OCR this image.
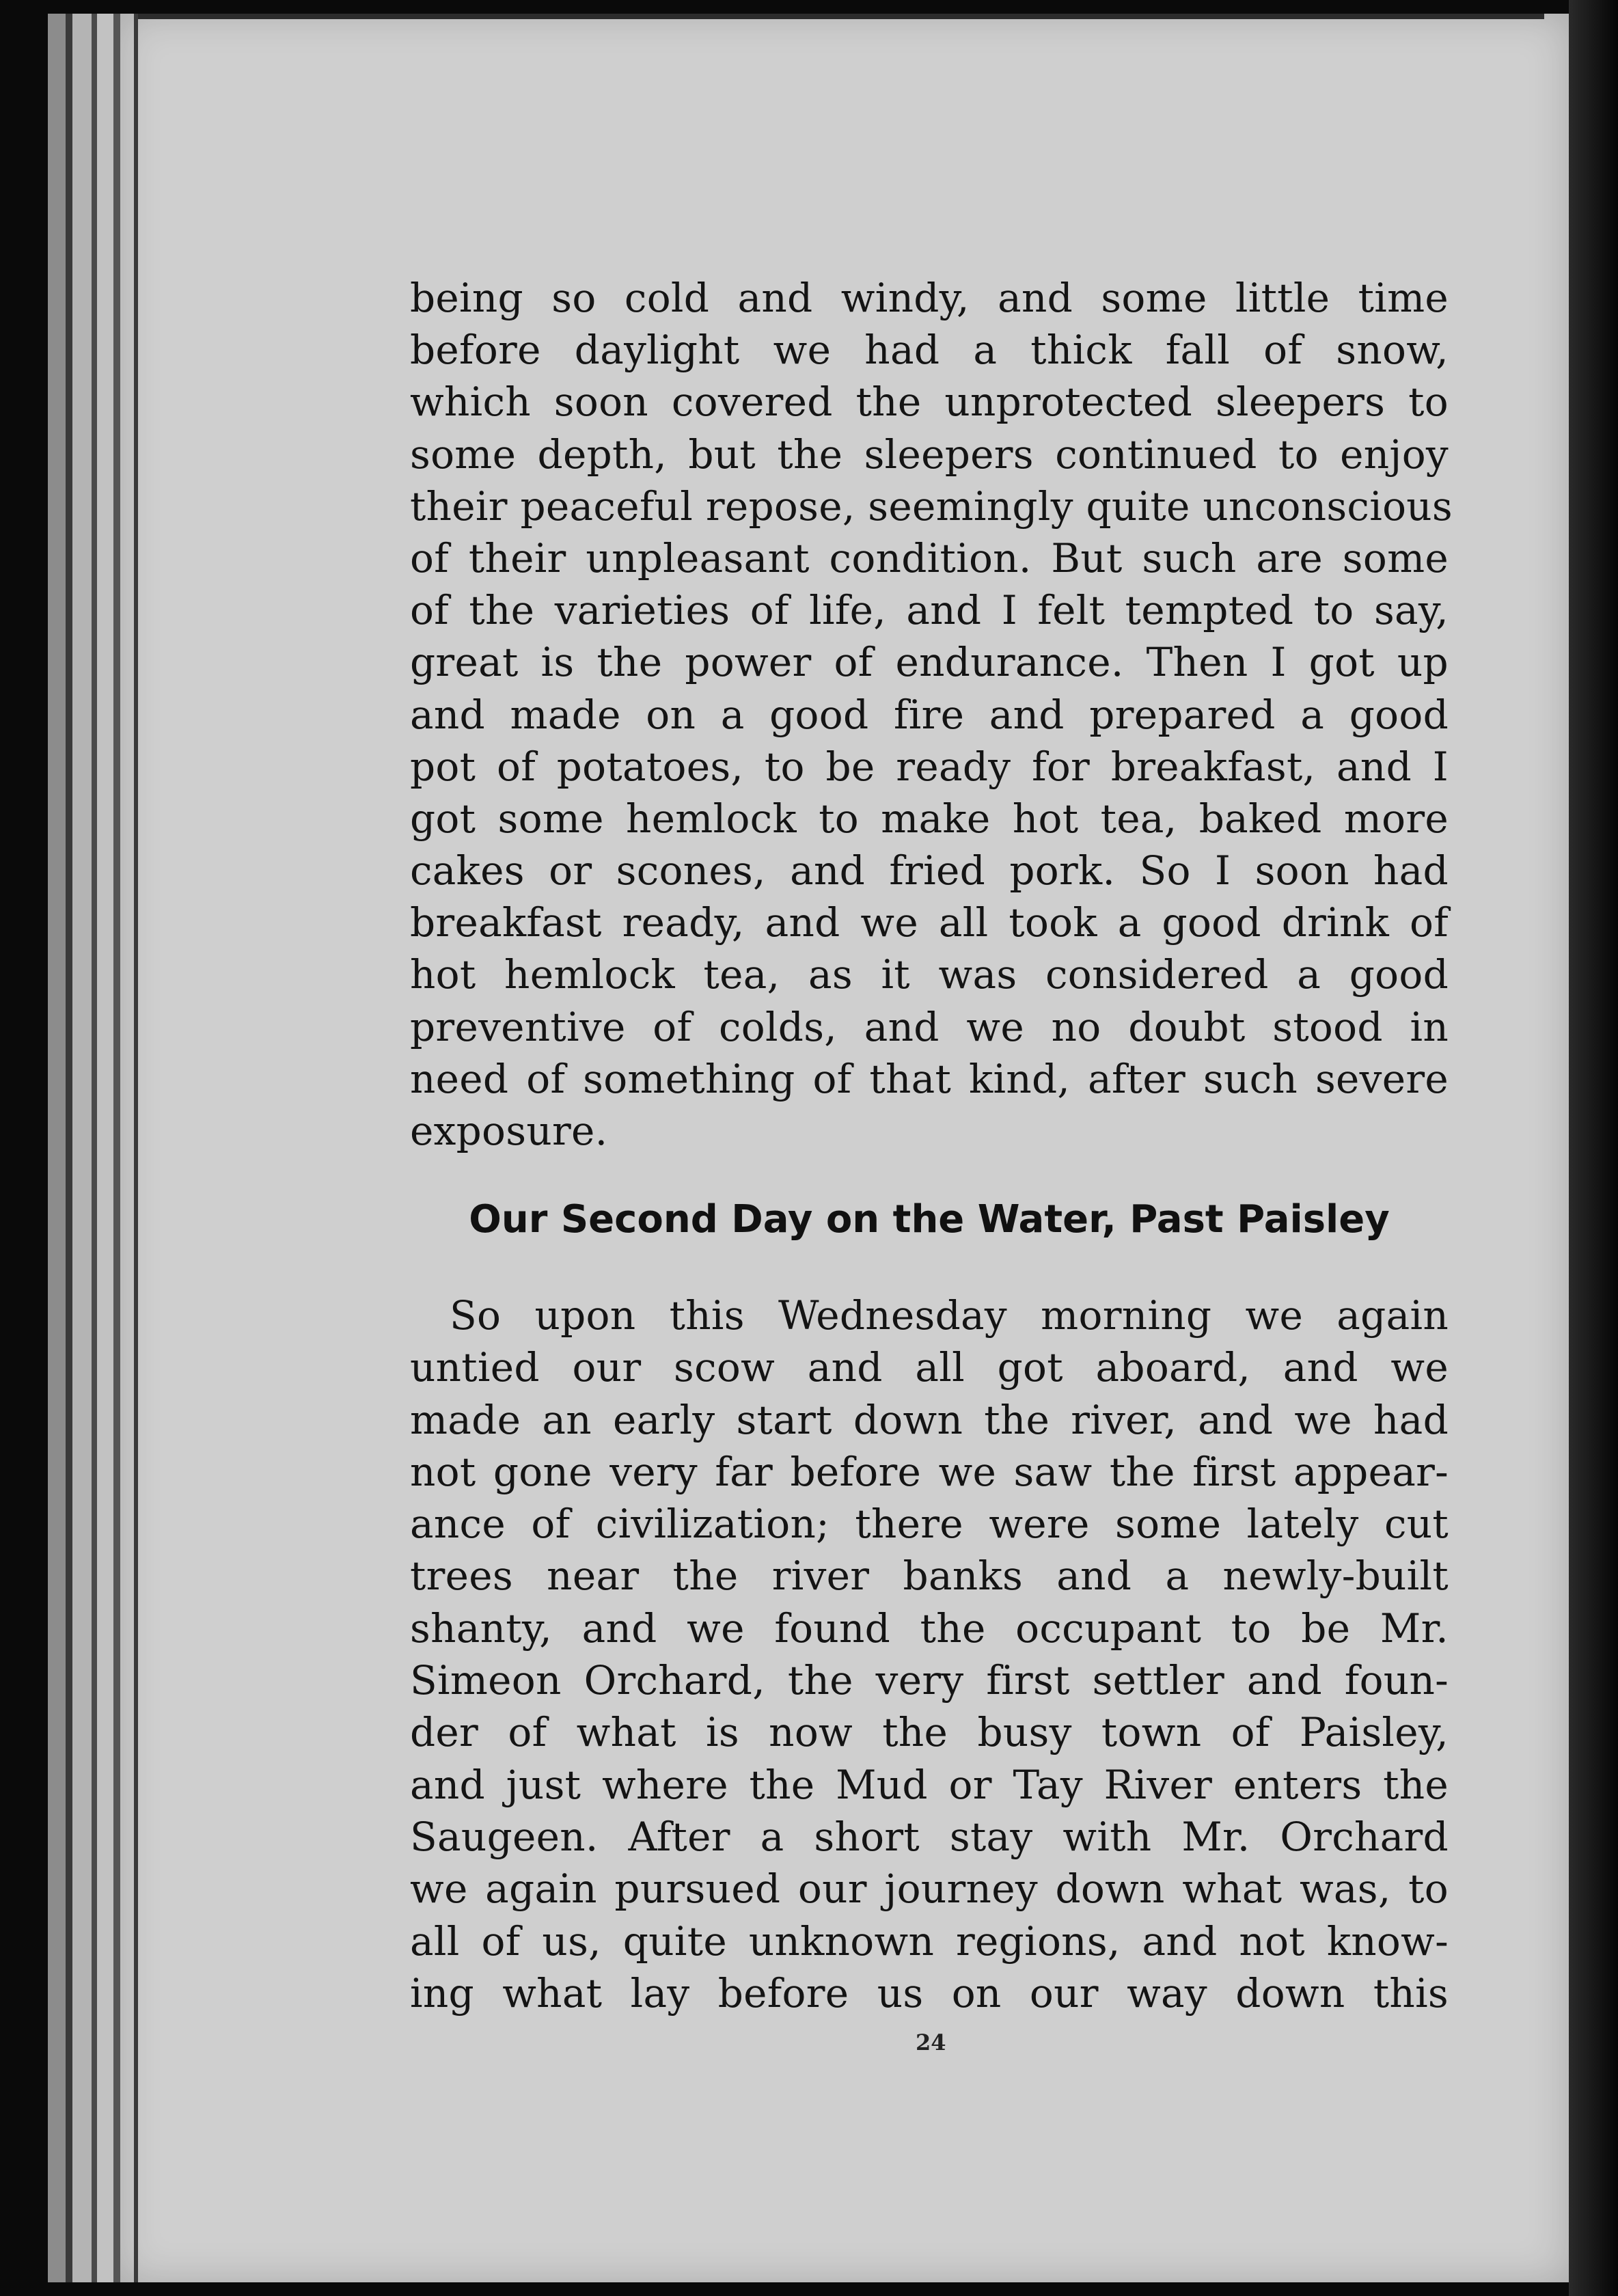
being so cold and windy, and some little time
before daylight we had a thick fall of snow,
which soon covered the unprotected sleepers to
some depth, but the sleepers continued to enjoy
their peaceful repose, seemingly quite unconscious
of their unpleasant condition. But such are some
of the varieties of life, and I felt tempted to say,
great is the power of endurance. Then I got up
and made on a good fire and prepared a good
pot of potatoes, to be ready for breakfast, and I
got some hemlock to make hot tea, baked more
cakes or scones, and fried pork. So I soon had
breakfast ready, and we all took a good drink of
hot hemlock tea, as it was considered a good
preventive of colds, and we no doubt stood in
need of something of that kind, after such severe
exposure.
Our Second Day on the Water, Past Paisley
So upon this Wednesday morning we again
untied our scow and all got aboard, and we
made an early start down the river, and we had
not gone very far before we saw the first appear-
ance of civilization; there were some lately cut
trees near the river banks and a newly-built
shanty, and we found the occupant to be Mr.
Simeon Orchard, the very first settler and foun-
der of what is now the busy town of Paisley,
and just where the Mud or Tay River enters the
Saugeen. After a short stay with Mr. Orchard
we again pursued our journey down what was, to
all of us, quite unknown regions, and not know-
ing what lay before us on our way down this
24
